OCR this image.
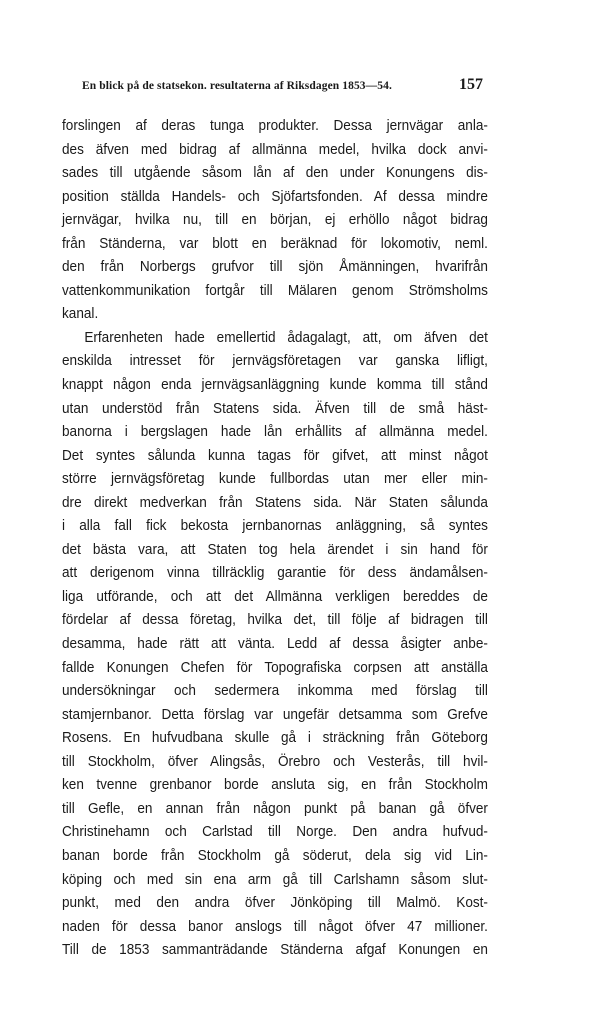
En blick på de statsekon. resultaterna af Riksdagen 1853—54.	157
forslingen af deras tunga produkter. Dessa jernvägar anla-
des äfven med bidrag af allmänna medel, hvilka dock anvi-
sades till utgående såsom lån af den under Konungens dis-
position ställda Handels- och Sjöfartsfonden. Af dessa mindre
jernvägar, hvilka nu, till en början, ej erhöllo något bidrag
från Ständerna, var blott en beräknad för lokomotiv, neml.
den från Norbergs grufvor till sjön Åmänningen, hvarifrån
vattenkommunikation fortgår till Mälaren genom Strömsholms
kanal.
Erfarenheten hade emellertid ådagalagt, att, om äfven det
enskilda intresset för jernvägsföretagen var ganska lifligt,
knappt någon enda jernvägsanläggning kunde komma till stånd
utan understöd från Statens sida. Äfven till de små häst-
banorna i bergslagen hade lån erhållits af allmänna medel.
Det syntes sålunda kunna tagas för gifvet, att minst något
större jernvägsföretag kunde fullbordas utan mer eller min-
dre direkt medverkan från Statens sida. När Staten sålunda
i alla fall fick bekosta jernbanornas anläggning, så syntes
det bästa vara, att Staten tog hela ärendet i sin hand för
att derigenom vinna tillräcklig garantie för dess ändamålsen-
liga utförande, och att det Allmänna verkligen bereddes de
fördelar af dessa företag, hvilka det, till följe af bidragen till
desamma, hade rätt att vänta. Ledd af dessa åsigter anbe-
fallde Konungen Chefen för Topografiska corpsen att anställa
undersökningar och sedermera inkomma med förslag till
stamjernbanor. Detta förslag var ungefär detsamma som Grefve
Rosens. En hufvudbana skulle gå i sträckning från Göteborg
till Stockholm, öfver Alingsås, Örebro och Vesterås, till hvil-
ken tvenne grenbanor borde ansluta sig, en från Stockholm
till Gefle, en annan från någon punkt på banan gå öfver
Christinehamn och Carlstad till Norge. Den andra hufvud-
banan borde från Stockholm gå söderut, dela sig vid Lin-
köping och med sin ena arm gå till Carlshamn såsom slut-
punkt, med den andra öfver Jönköping till Malmö. Kost-
naden för dessa banor anslogs till något öfver 47 millioner.
Till de 1853 sammanträdande Ständerna afgaf Konungen en
